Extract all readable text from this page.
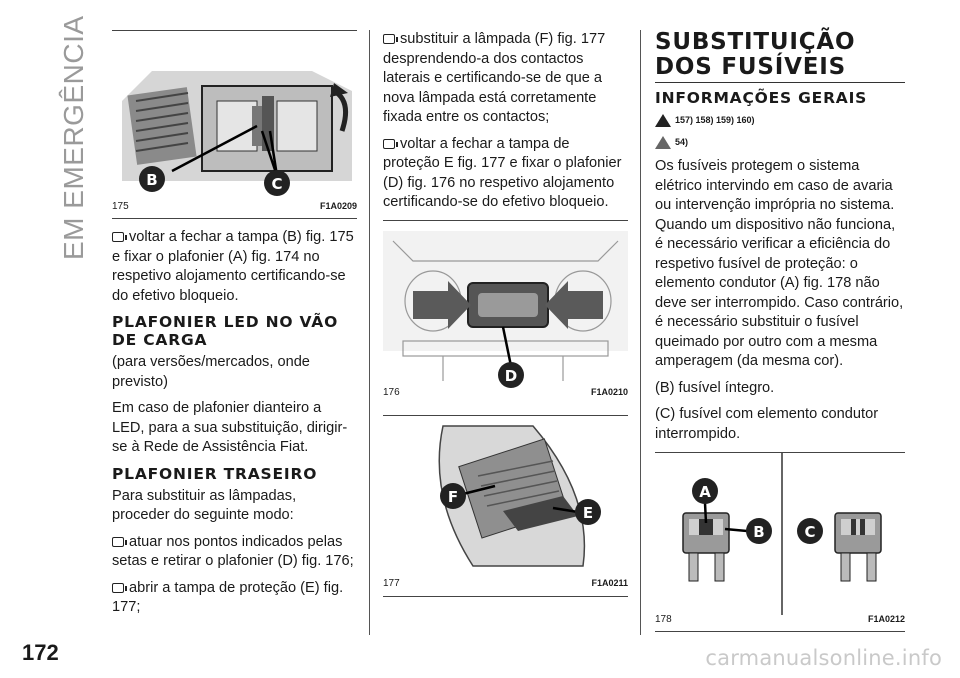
EM EMERGÊNCIA
172
B	C
175	F1A0209

voltar a fechar a tampa (B) fig. 175 e fixar o plafonier (A) fig. 174 no respetivo alojamento certificando-se do efetivo bloqueio.

PLAFONIER LED NO VÃO DE CARGA

(para versões/mercados, onde previsto)

Em caso de plafonier dianteiro a LED, para a sua substituição, dirigir-se à Rede de Assistência Fiat.

PLAFONIER TRASEIRO

Para substituir as lâmpadas, proceder do seguinte modo:

atuar nos pontos indicados pelas setas e retirar o plafonier (D) fig. 176;

abrir a tampa de proteção (E) fig. 177;

substituir a lâmpada (F) fig. 177 desprendendo-a dos contactos laterais e certificando-se de que a nova lâmpada está corretamente fixada entre os contactos;

voltar a fechar a tampa de proteção E fig. 177 e fixar o plafonier (D) fig. 176 no respetivo alojamento certificando-se do efetivo bloqueio.

D
176	F1A0210
F
E
177	F1A0211
SUBSTITUIÇÃO DOS FUSÍVEIS
INFORMAÇÕES GERAIS
157) 158) 159) 160)
54)

Os fusíveis protegem o sistema elétrico intervindo em caso de avaria ou intervenção imprópria no sistema. Quando um dispositivo não funciona, é necessário verificar a eficiência do respetivo fusível de proteção: o elemento condutor (A) fig. 178 não deve ser interrompido. Caso contrário, é necessário substituir o fusível queimado por outro com a mesma amperagem (da mesma cor).

(B) fusível íntegro.

(C) fusível com elemento condutor interrompido.

A
B	C
178	F1A0212
carmanualsonline.info
